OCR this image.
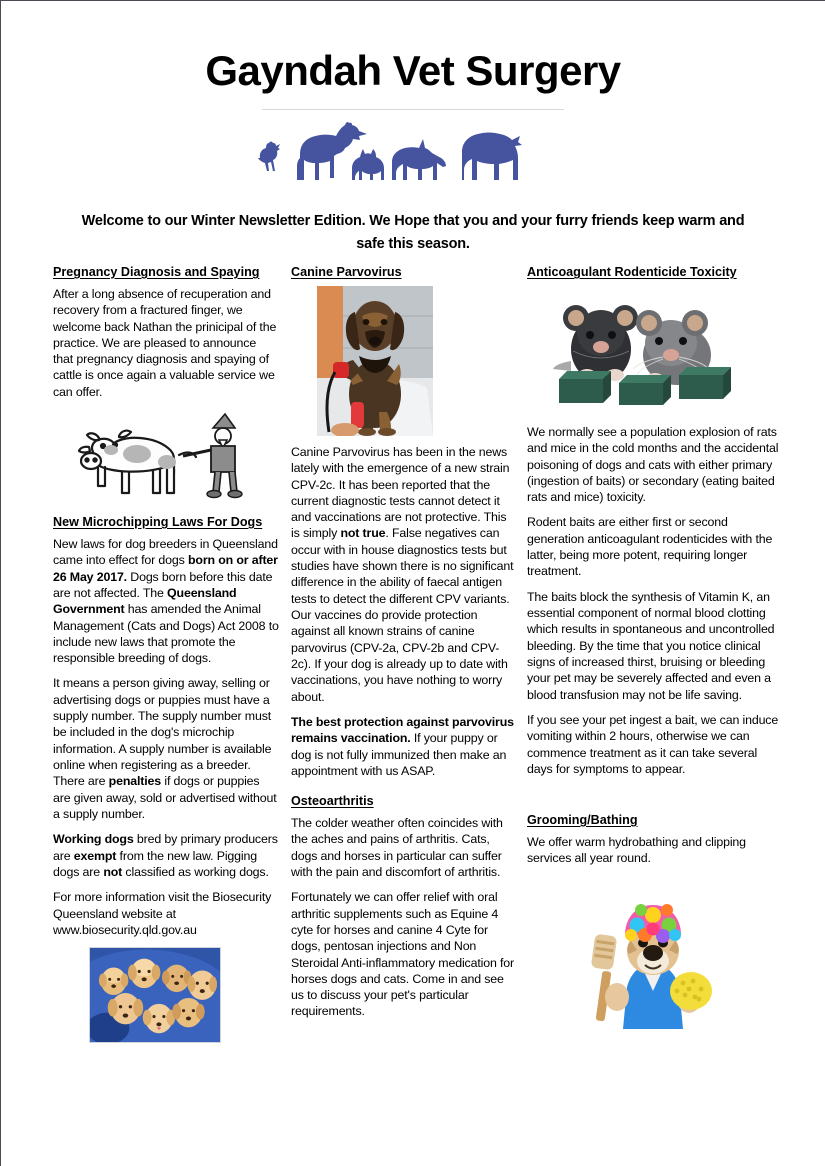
Gayndah Vet Surgery
Welcome to our Winter Newsletter Edition. We Hope that you and your furry friends keep warm and safe this season.
Pregnancy Diagnosis and Spaying

After a long absence of recuperation and recovery from a fractured finger, we welcome back Nathan the prinicipal of the practice. We are pleased to announce that pregnancy diagnosis and spaying of cattle is once again a valuable service we can offer.

New Microchipping Laws For Dogs

New laws for dog breeders in Queensland came into effect for dogs born on or after 26 May 2017. Dogs born before this date are not affected. The Queensland Government has amended the Animal Management (Cats and Dogs) Act 2008 to include new laws that promote the responsible breeding of dogs.

It means a person giving away, selling or advertising dogs or puppies must have a supply number. The supply number must be included in the dog's microchip information. A supply number is available online when registering as a breeder. There are penalties if dogs or puppies are given away, sold or advertised without a supply number.

Working dogs bred by primary producers are exempt from the new law. Pigging dogs are not classified as working dogs.

For more information visit the Biosecurity Queensland website at www.biosecurity.qld.gov.au

Canine Parvovirus

Canine Parvovirus has been in the news lately with the emergence of a new strain CPV-2c. It has been reported that the current diagnostic tests cannot detect it and vaccinations are not protective. This is simply not true. False negatives can occur with in house diagnostics tests but studies have shown there is no significant difference in the ability of faecal antigen tests to detect the different CPV variants. Our vaccines do provide protection against all known strains of canine parvovirus (CPV-2a, CPV-2b and CPV-2c). If your dog is already up to date with vaccinations, you have nothing to worry about.

The best protection against parvovirus remains vaccination. If your puppy or dog is not fully immunized then make an appointment with us ASAP.

Osteoarthritis

The colder weather often coincides with the aches and pains of arthritis. Cats, dogs and horses in particular can suffer with the pain and discomfort of arthritis.

Fortunately we can offer relief with oral arthritic supplements such as Equine 4 cyte for horses and canine 4 Cyte for dogs, pentosan injections and Non Steroidal Anti-inflammatory medication for horses dogs and cats. Come in and see us to discuss your pet's particular requirements.

Anticoagulant Rodenticide Toxicity

We normally see a population explosion of rats and mice in the cold months and the accidental poisoning of dogs and cats with either primary (ingestion of baits) or secondary (eating baited rats and mice) toxicity.

Rodent baits are either first or second generation anticoagulant rodenticides with the latter, being more potent, requiring longer treatment.

The baits block the synthesis of Vitamin K, an essential component of normal blood clotting which results in spontaneous and uncontrolled bleeding. By the time that you notice clinical signs of increased thirst, bruising or bleeding your pet may be severely affected and even a blood transfusion may not be life saving.

If you see your pet ingest a bait, we can induce vomiting within 2 hours, otherwise we can commence treatment as it can take several days for symptoms to appear.

Grooming/Bathing

We offer warm hydrobathing and clipping services all year round.
